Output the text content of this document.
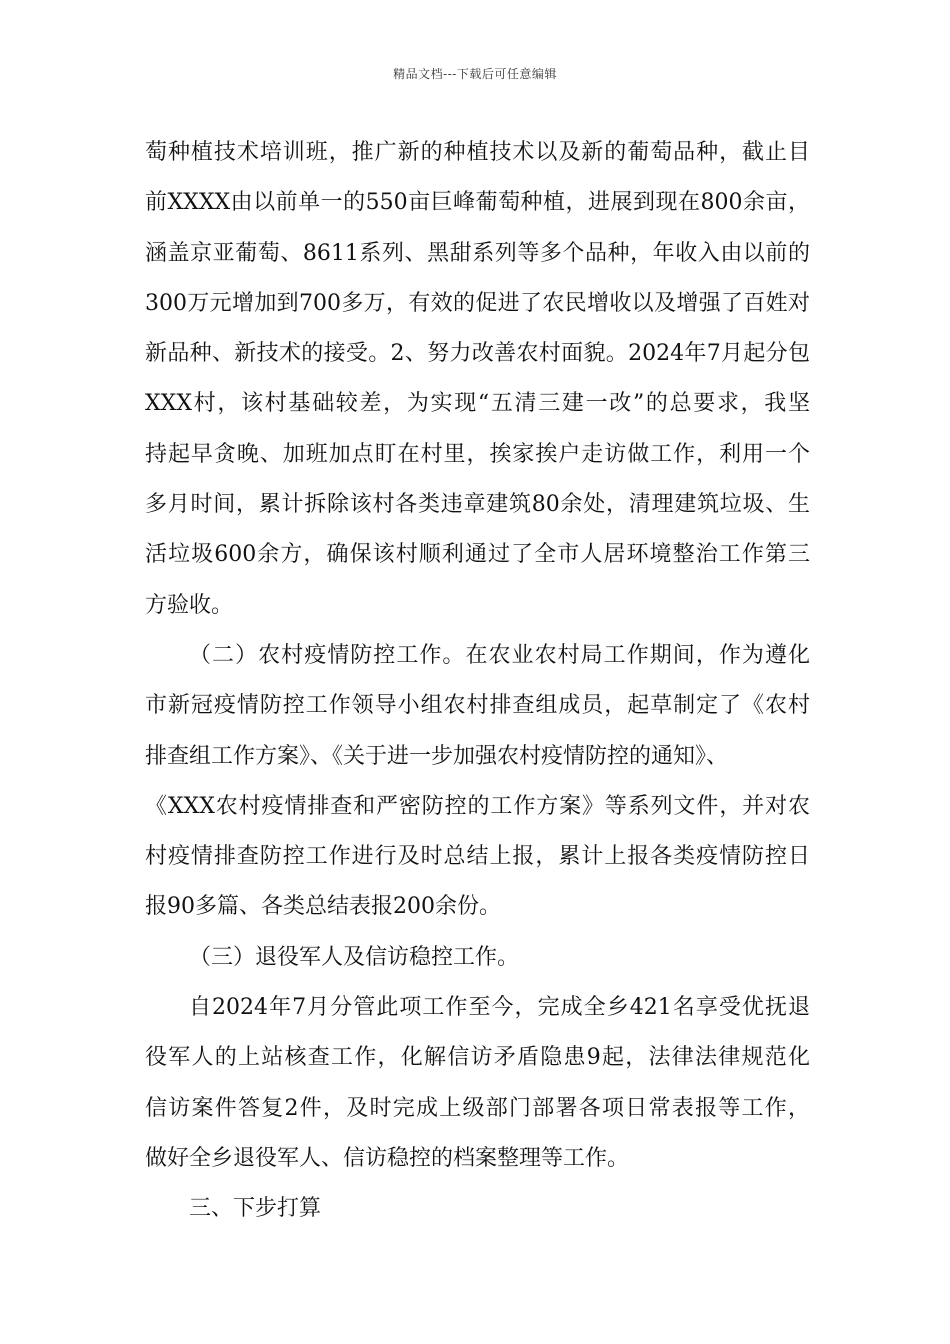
精品文档---下载后可任意编辑
萄种植技术培训班，推广新的种植技术以及新的葡萄品种，截止目
前XXXX由以前单一的550亩巨峰葡萄种植，进展到现在800余亩，
涵盖京亚葡萄、8611系列、黑甜系列等多个品种，年收入由以前的
300万元增加到700多万，有效的促进了农民增收以及增强了百姓对
新品种、新技术的接受。2、努力改善农村面貌。2024年7月起分包
XXX村，该村基础较差，为实现“五清三建一改”的总要求，我坚
持起早贪晚、加班加点盯在村里，挨家挨户走访做工作，利用一个
多月时间，累计拆除该村各类违章建筑80余处，清理建筑垃圾、生
活垃圾600余方，确保该村顺利通过了全市人居环境整治工作第三
方验收。
（二）农村疫情防控工作。在农业农村局工作期间，作为遵化
市新冠疫情防控工作领导小组农村排查组成员，起草制定了《农村
排查组工作方案》、《关于进一步加强农村疫情防控的通知》、
《XXX农村疫情排查和严密防控的工作方案》等系列文件，并对农
村疫情排查防控工作进行及时总结上报，累计上报各类疫情防控日
报90多篇、各类总结表报200余份。
（三）退役军人及信访稳控工作。
自2024年7月分管此项工作至今，完成全乡421名享受优抚退
役军人的上站核查工作，化解信访矛盾隐患9起，法律法律规范化
信访案件答复2件，及时完成上级部门部署各项日常表报等工作，
做好全乡退役军人、信访稳控的档案整理等工作。
三、下步打算
